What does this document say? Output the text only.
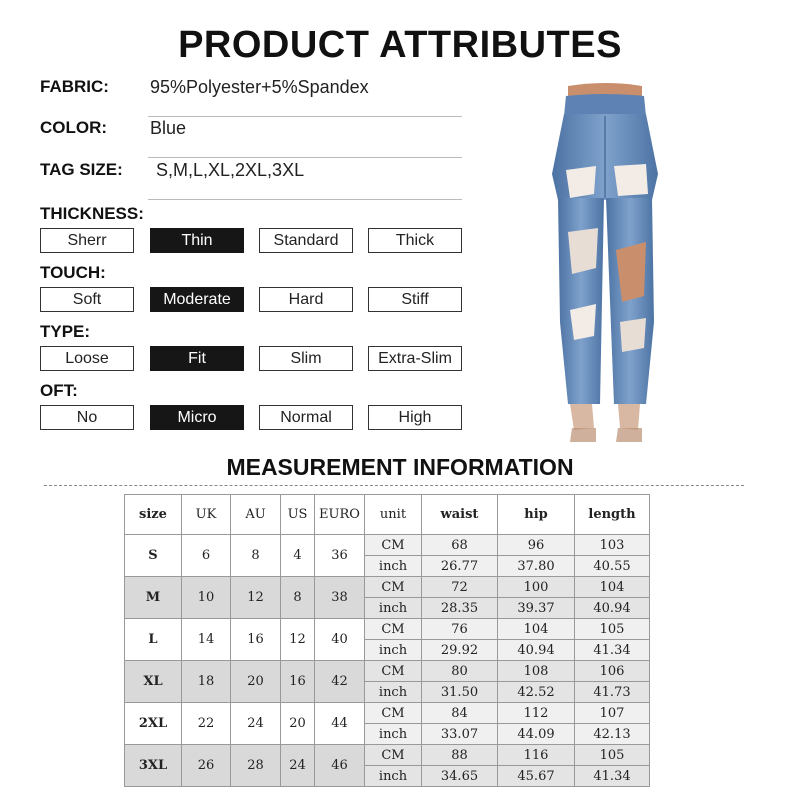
PRODUCT ATTRIBUTES
FABRIC: 95%Polyester+5%Spandex
COLOR: Blue
TAG SIZE: S,M,L,XL,2XL,3XL
THICKNESS:
Sherr	Thin	Standard	Thick
TOUCH:
Soft	Moderate	Hard	Stiff
TYPE:
Loose	Fit	Slim	Extra-Slim
OFT:
No	Micro	Normal	High
MEASUREMENT INFORMATION
size	UK	AU	US	EURO	unit	waist	hip	length
S	6	8	4	36	CM	68	96	103
					inch	26.77	37.80	40.55
M	10	12	8	38	CM	72	100	104
					inch	28.35	39.37	40.94
L	14	16	12	40	CM	76	104	105
					inch	29.92	40.94	41.34
XL	18	20	16	42	CM	80	108	106
					inch	31.50	42.52	41.73
2XL	22	24	20	44	CM	84	112	107
					inch	33.07	44.09	42.13
3XL	26	28	24	46	CM	88	116	105
					inch	34.65	45.67	41.34
